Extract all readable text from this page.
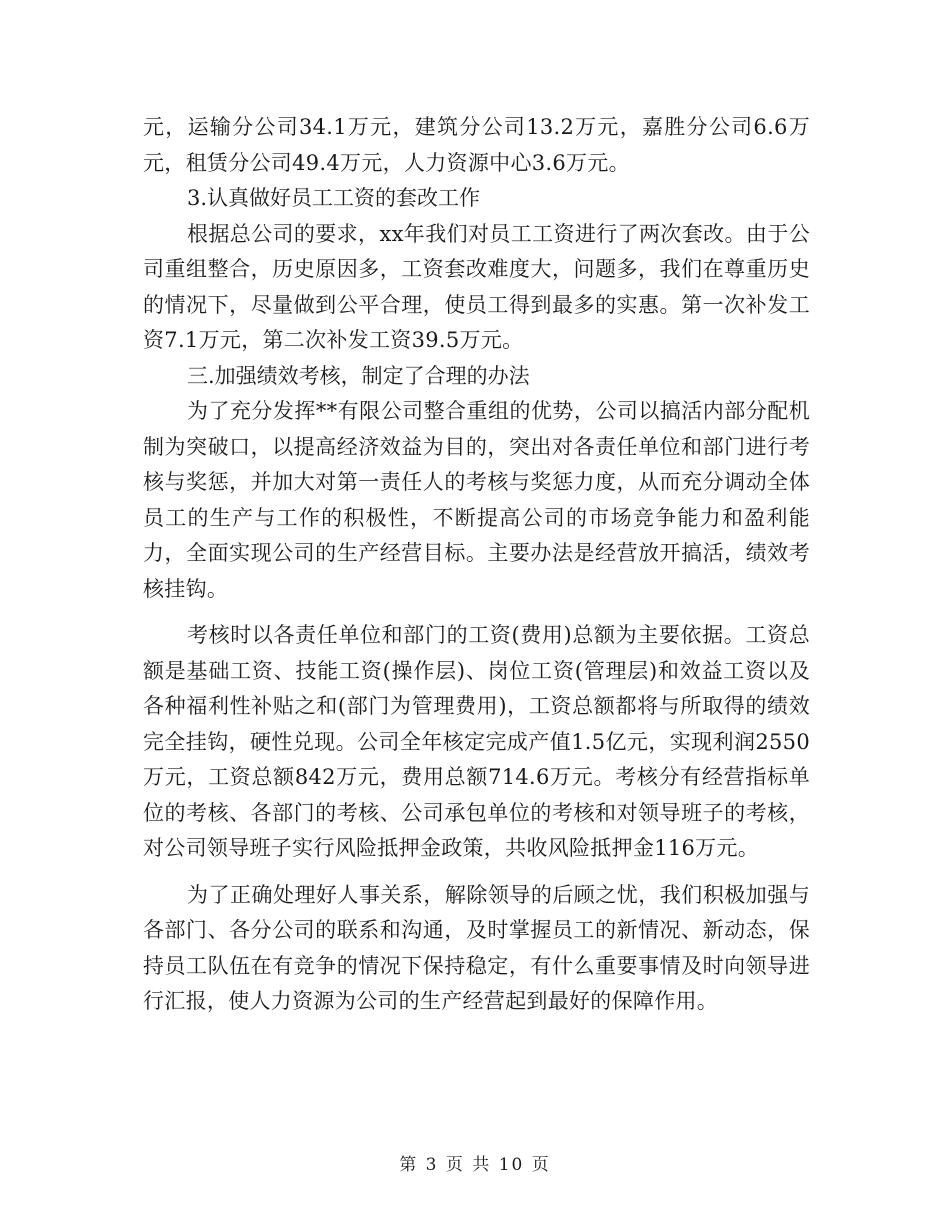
元，运输分公司34.1万元，建筑分公司13.2万元，嘉胜分公司6.6万元，租赁分公司49.4万元，人力资源中心3.6万元。

3.认真做好员工工资的套改工作

根据总公司的要求，xx年我们对员工工资进行了两次套改。由于公司重组整合，历史原因多，工资套改难度大，问题多，我们在尊重历史的情况下，尽量做到公平合理，使员工得到最多的实惠。第一次补发工资7.1万元，第二次补发工资39.5万元。

三.加强绩效考核，制定了合理的办法

为了充分发挥**有限公司整合重组的优势，公司以搞活内部分配机制为突破口，以提高经济效益为目的，突出对各责任单位和部门进行考核与奖惩，并加大对第一责任人的考核与奖惩力度，从而充分调动全体员工的生产与工作的积极性，不断提高公司的市场竞争能力和盈利能力，全面实现公司的生产经营目标。主要办法是经营放开搞活，绩效考核挂钩。

考核时以各责任单位和部门的工资(费用)总额为主要依据。工资总额是基础工资、技能工资(操作层)、岗位工资(管理层)和效益工资以及各种福利性补贴之和(部门为管理费用)，工资总额都将与所取得的绩效完全挂钩，硬性兑现。公司全年核定完成产值1.5亿元，实现利润2550万元，工资总额842万元，费用总额714.6万元。考核分有经营指标单位的考核、各部门的考核、公司承包单位的考核和对领导班子的考核，对公司领导班子实行风险抵押金政策，共收风险抵押金116万元。

为了正确处理好人事关系，解除领导的后顾之忧，我们积极加强与各部门、各分公司的联系和沟通，及时掌握员工的新情况、新动态，保持员工队伍在有竞争的情况下保持稳定，有什么重要事情及时向领导进行汇报，使人力资源为公司的生产经营起到最好的保障作用。

第 3 页 共 10 页
